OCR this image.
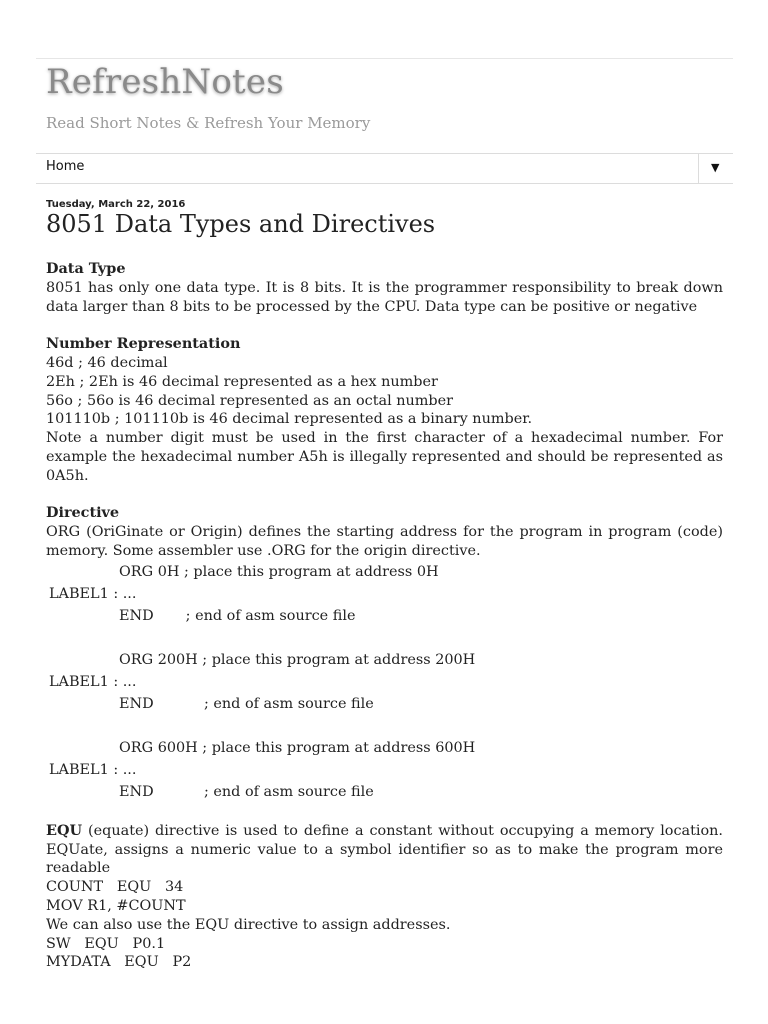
RefreshNotes
Read Short Notes & Refresh Your Memory
Home	▼
Tuesday, March 22, 2016
8051 Data Types and Directives

Data Type

8051 has only one data type. It is 8 bits. It is the programmer responsibility to break down data larger than 8 bits to be processed by the CPU. Data type can be positive or negative

Number Representation

46d ; 46 decimal

2Eh ; 2Eh is 46 decimal represented as a hex number

56o ; 56o is 46 decimal represented as an octal number

101110b ; 101110b is 46 decimal represented as a binary number.

Note a number digit must be used in the first character of a hexadecimal number. For example the hexadecimal number A5h is illegally represented and should be represented as 0A5h.

Directive

ORG (OriGinate or Origin) defines the starting address for the program in program (code) memory. Some assembler use .ORG for the origin directive.

ORG 0H ; place this program at address 0H
LABEL1 : ...
END       ; end of asm source file
ORG 200H ; place this program at address 200H
LABEL1 : ...
END           ; end of asm source file
ORG 600H ; place this program at address 600H
LABEL1 : ...
END           ; end of asm source file

EQU (equate) directive is used to define a constant without occupying a memory location. EQUate, assigns a numeric value to a symbol identifier so as to make the program more readable

COUNT   EQU   34

MOV R1, #COUNT

We can also use the EQU directive to assign addresses.

SW   EQU   P0.1

MYDATA   EQU   P2
